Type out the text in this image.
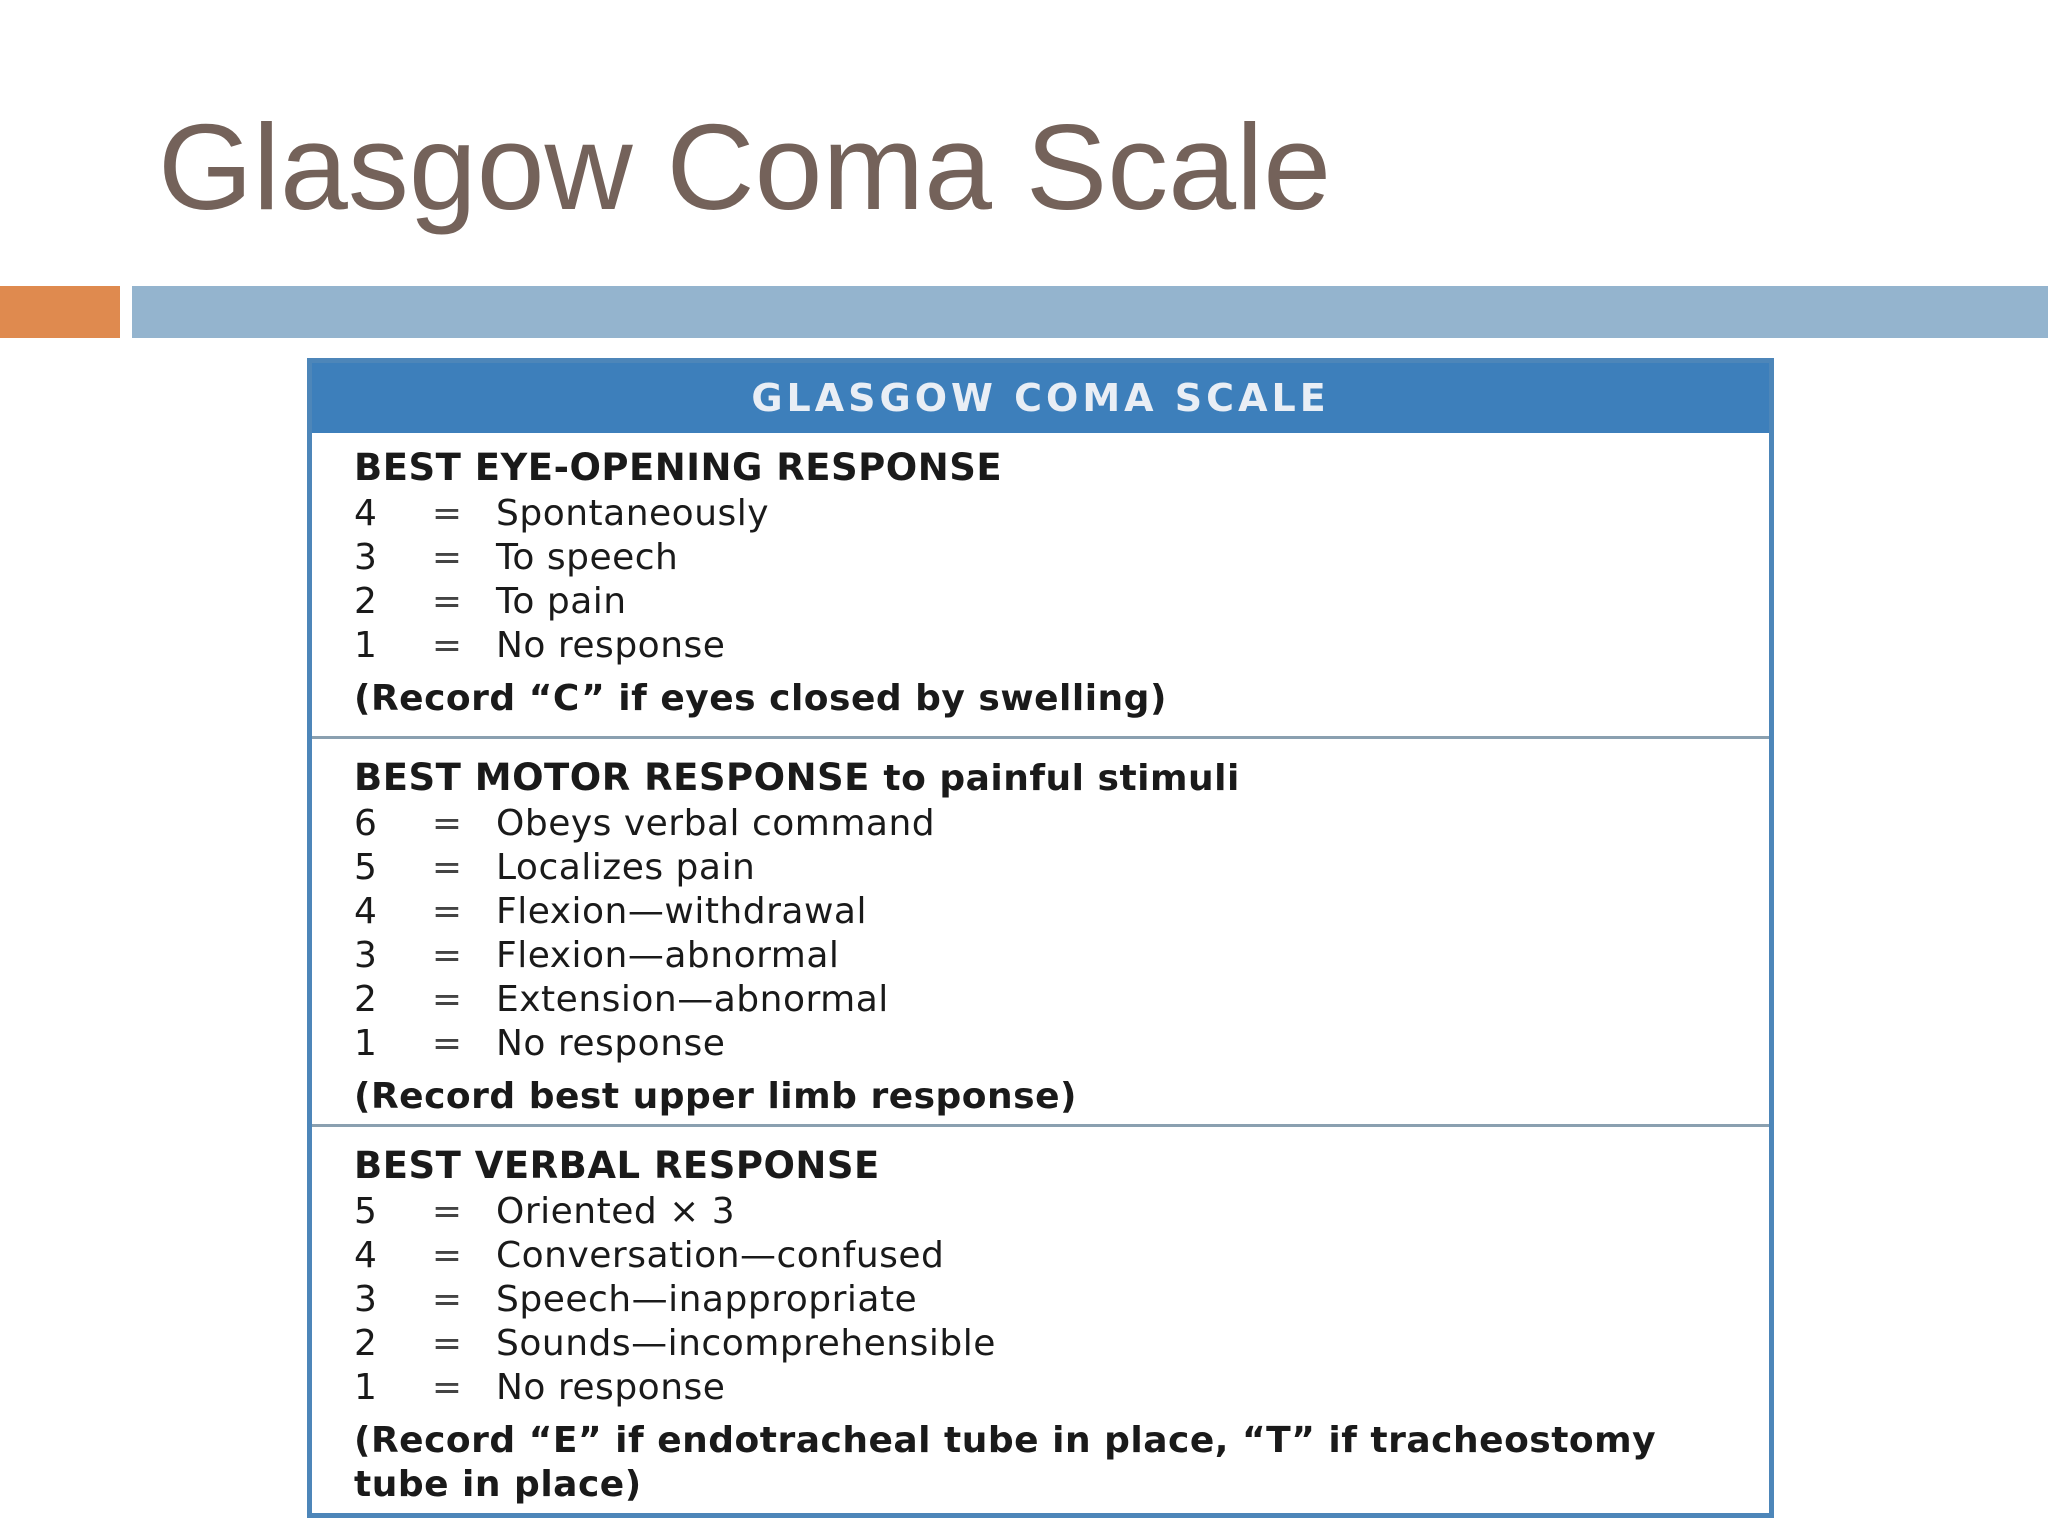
Glasgow Coma Scale
GLASGOW COMA SCALE
BEST EYE-OPENING RESPONSE
4	= Spontaneously
3	= To speech
2	= To pain
1	= No response
(Record “C” if eyes closed by swelling)
BEST MOTOR RESPONSE to painful stimuli
6	= Obeys verbal command
5	= Localizes pain
4	= Flexion—withdrawal
3	= Flexion—abnormal
2	= Extension—abnormal
1	= No response
(Record best upper limb response)
BEST VERBAL RESPONSE
5	= Oriented × 3
4	= Conversation—confused
3	= Speech—inappropriate
2	= Sounds—incomprehensible
1	= No response
(Record “E” if endotracheal tube in place, “T” if tracheostomy tube in place)
